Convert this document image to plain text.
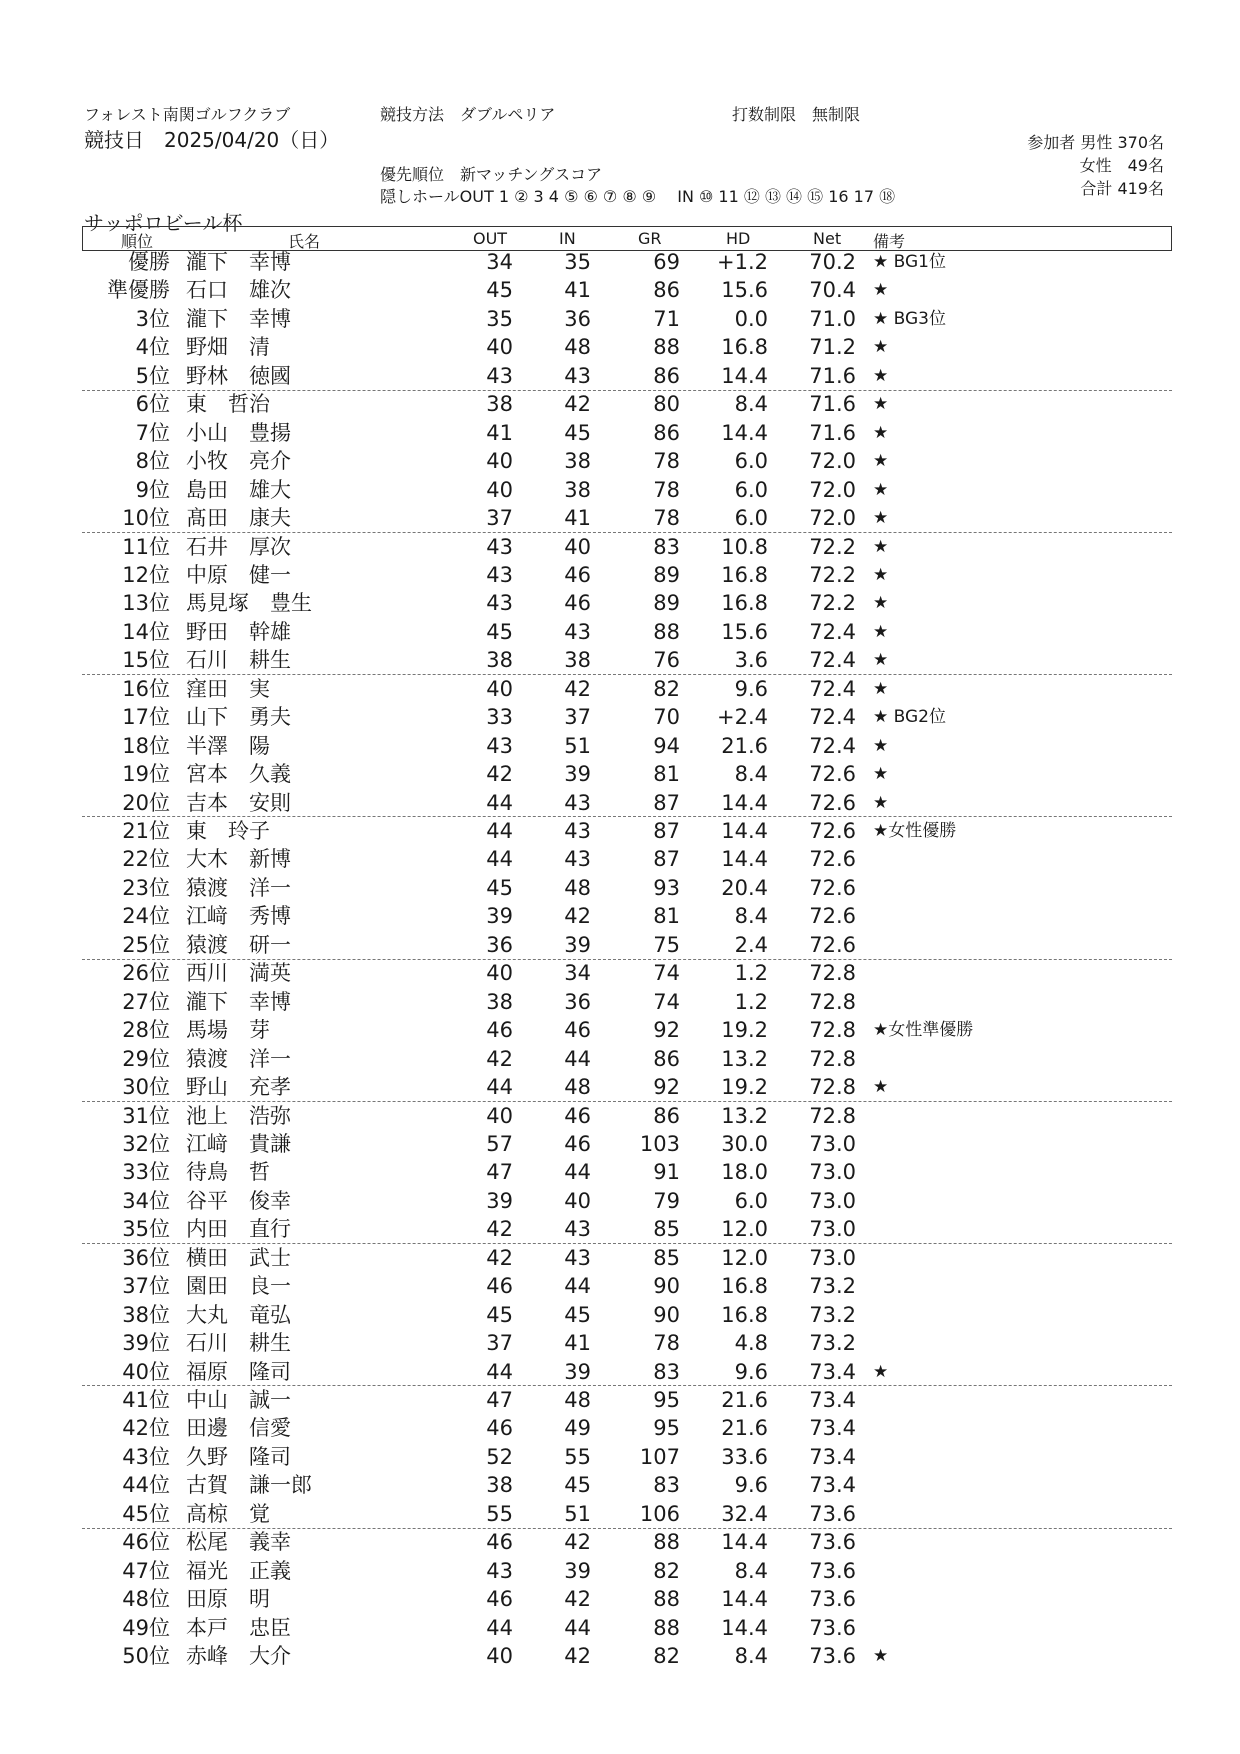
フォレスト南関ゴルフクラブ
競技日　2025/04/20（日）
競技方法　ダブルペリア	打数制限　無制限
優先順位　新マッチングスコア
隠しホールOUT 1 ② 3 4 ⑤ ⑥ ⑦ ⑧ ⑨　 IN ⑩ 11 ⑫ ⑬ ⑭ ⑮ 16 17 ⑱
参加者 男性 370名
女性　49名
合計 419名
サッポロビール杯
順位	氏名	OUT	IN	GR	HD	Net 備考
優勝 瀧下　幸博	34 35	69 +1.2 70.2 ★ BG1位
準優勝 石口　雄次	45 41	86 15.6 70.4 ★
3位 瀧下　幸博	35 36	71	0.0 71.0 ★ BG3位
4位 野畑　清	40 48	88 16.8 71.2 ★
5位 野林　徳國	43 43	86 14.4 71.6 ★
6位 東　哲治	38 42	80	8.4 71.6 ★
7位 小山　豊揚	41 45	86 14.4 71.6 ★
8位 小牧　亮介	40 38	78	6.0 72.0 ★
9位 島田　雄大	40 38	78	6.0 72.0 ★
10位 髙田　康夫	37 41	78	6.0 72.0 ★
11位 石井　厚次	43 40	83 10.8 72.2 ★
12位 中原　健一	43 46	89 16.8 72.2 ★
13位 馬見塚　豊生	43 46	89 16.8 72.2 ★
14位 野田　幹雄	45 43	88 15.6 72.4 ★
15位 石川　耕生	38 38	76	3.6 72.4 ★
16位 窪田　実	40 42	82	9.6 72.4 ★
17位 山下　勇夫	33 37	70 +2.4 72.4 ★ BG2位
18位 半澤　陽	43 51	94 21.6 72.4 ★
19位 宮本　久義	42 39	81	8.4 72.6 ★
20位 吉本　安則	44 43	87 14.4 72.6 ★
21位 東　玲子	44 43	87 14.4 72.6 ★女性優勝
22位 大木　新博	44 43	87 14.4 72.6
23位 猿渡　洋一	45 48	93 20.4 72.6
24位 江﨑　秀博	39 42	81	8.4 72.6
25位 猿渡　研一	36 39	75	2.4 72.6
26位 西川　満英	40 34	74	1.2 72.8
27位 瀧下　幸博	38 36	74	1.2 72.8
28位 馬場　芽	46 46	92 19.2 72.8 ★女性準優勝
29位 猿渡　洋一	42 44	86 13.2 72.8
30位 野山　充孝	44 48	92 19.2 72.8 ★
31位 池上　浩弥	40 46	86 13.2 72.8
32位 江﨑　貴謙	57 46 103 30.0 73.0
33位 待鳥　哲	47 44	91 18.0 73.0
34位 谷平　俊幸	39 40	79	6.0 73.0
35位 内田　直行	42 43	85 12.0 73.0
36位 横田　武士	42 43	85 12.0 73.0
37位 園田　良一	46 44	90 16.8 73.2
38位 大丸　竜弘	45 45	90 16.8 73.2
39位 石川　耕生	37 41	78	4.8 73.2
40位 福原　隆司	44 39	83	9.6 73.4 ★
41位 中山　誠一	47 48	95 21.6 73.4
42位 田邊　信愛	46 49	95 21.6 73.4
43位 久野　隆司	52 55 107 33.6 73.4
44位 古賀　謙一郎	38 45	83	9.6 73.4
45位 高椋　覚	55 51 106 32.4 73.6
46位 松尾　義幸	46 42	88 14.4 73.6
47位 福光　正義	43 39	82	8.4 73.6
48位 田原　明	46 42	88 14.4 73.6
49位 本戸　忠臣	44 44	88 14.4 73.6
50位 赤峰　大介	40 42	82	8.4 73.6 ★
